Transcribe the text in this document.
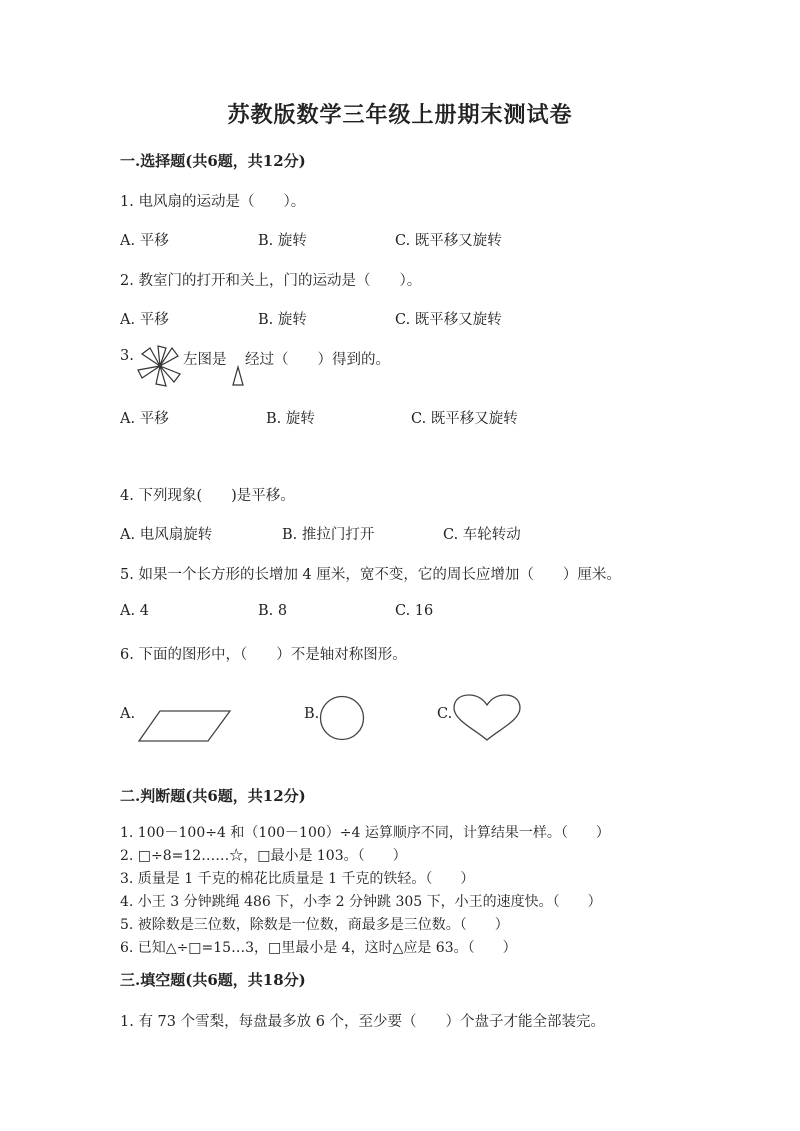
苏教版数学三年级上册期末测试卷
一.选择题(共6题，共12分)
1. 电风扇的运动是（　　）。
A. 平移	B. 旋转	C. 既平移又旋转
2. 教室门的打开和关上，门的运动是（　　）。
A. 平移	B. 旋转	C. 既平移又旋转
3.	左图是 经过（　　）得到的。
A. 平移	B. 旋转	C. 既平移又旋转
4. 下列现象(　　)是平移。
A. 电风扇旋转	B. 推拉门打开	C. 车轮转动
5. 如果一个长方形的长增加 4 厘米，宽不变，它的周长应增加（　　）厘米。
A. 4	B. 8	C. 16
6. 下面的图形中，（　　）不是轴对称图形。
A.	B.	C.
二.判断题(共6题，共12分)
1. 100－100÷4 和（100－100）÷4 运算顺序不同，计算结果一样。（　　）
2. □÷8=12……☆，□最小是 103。（　　）
3. 质量是 1 千克的棉花比质量是 1 千克的铁轻。（　　）
4. 小王 3 分钟跳绳 486 下，小李 2 分钟跳 305 下，小王的速度快。（　　）
5. 被除数是三位数，除数是一位数，商最多是三位数。（　　）
6. 已知△÷□=15…3，□里最小是 4，这时△应是 63。（　　）
三.填空题(共6题，共18分)
1. 有 73 个雪梨，每盘最多放 6 个，至少要（　　）个盘子才能全部装完。
